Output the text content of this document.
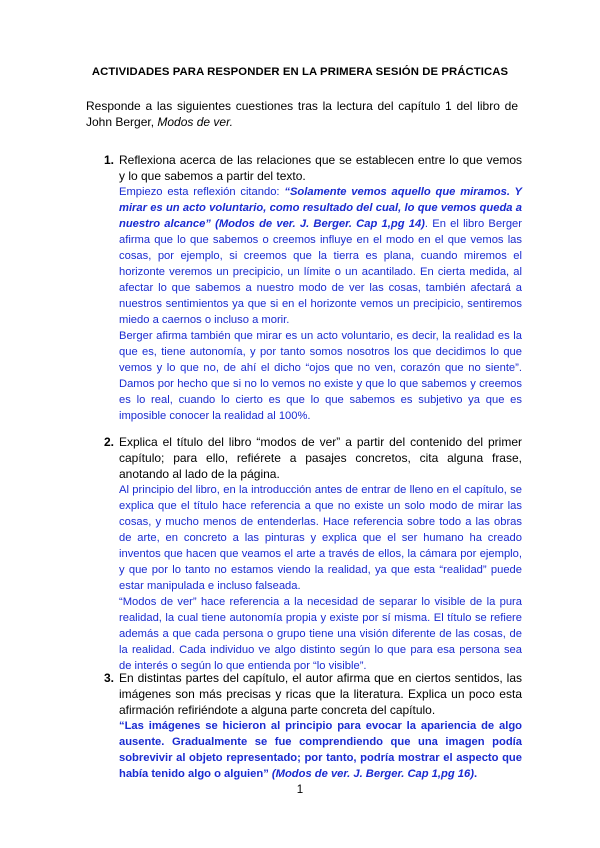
ACTIVIDADES PARA RESPONDER EN LA PRIMERA SESIÓN DE PRÁCTICAS
Responde a las siguientes cuestiones tras la lectura del capítulo 1 del libro de John Berger, Modos de ver.
1. Reflexiona acerca de las relaciones que se establecen entre lo que vemos y lo que sabemos a partir del texto.

Empiezo esta reflexión citando: “Solamente vemos aquello que miramos. Y mirar es un acto voluntario, como resultado del cual, lo que vemos queda a nuestro alcance” (Modos de ver. J. Berger. Cap 1,pg 14). En el libro Berger afirma que lo que sabemos o creemos influye en el modo en el que vemos las cosas, por ejemplo, si creemos que la tierra es plana, cuando miremos el horizonte veremos un precipicio, un límite o un acantilado. En cierta medida, al afectar lo que sabemos a nuestro modo de ver las cosas, también afectará a nuestros sentimientos ya que si en el horizonte vemos un precipicio, sentiremos miedo a caernos o incluso a morir.

Berger afirma también que mirar es un acto voluntario, es decir, la realidad es la que es, tiene autonomía, y por tanto somos nosotros los que decidimos lo que vemos y lo que no, de ahí el dicho “ojos que no ven, corazón que no siente”. Damos por hecho que si no lo vemos no existe y que lo que sabemos y creemos es lo real, cuando lo cierto es que lo que sabemos es subjetivo ya que es imposible conocer la realidad al 100%.

2. Explica el título del libro “modos de ver” a partir del contenido del primer capítulo; para ello, refiérete a pasajes concretos, cita alguna frase, anotando al lado de la página.

Al principio del libro, en la introducción antes de entrar de lleno en el capítulo, se explica que el título hace referencia a que no existe un solo modo de mirar las cosas, y mucho menos de entenderlas. Hace referencia sobre todo a las obras de arte, en concreto a las pinturas y explica que el ser humano ha creado inventos que hacen que veamos el arte a través de ellos, la cámara por ejemplo, y que por lo tanto no estamos viendo la realidad, ya que esta “realidad” puede estar manipulada e incluso falseada.

“Modos de ver” hace referencia a la necesidad de separar lo visible de la pura realidad, la cual tiene autonomía propia y existe por sí misma. El título se refiere además a que cada persona o grupo tiene una visión diferente de las cosas, de la realidad. Cada individuo ve algo distinto según lo que para esa persona sea de interés o según lo que entienda por “lo visible”.

3. En distintas partes del capítulo, el autor afirma que en ciertos sentidos, las imágenes son más precisas y ricas que la literatura. Explica un poco esta afirmación refiriéndote a alguna parte concreta del capítulo.
“Las imágenes se hicieron al principio para evocar la apariencia de algo ausente. Gradualmente se fue comprendiendo que una imagen podía sobrevivir al objeto representado; por tanto, podría mostrar el aspecto que había tenido algo o alguien” (Modos de ver. J. Berger. Cap 1,pg 16).
1
